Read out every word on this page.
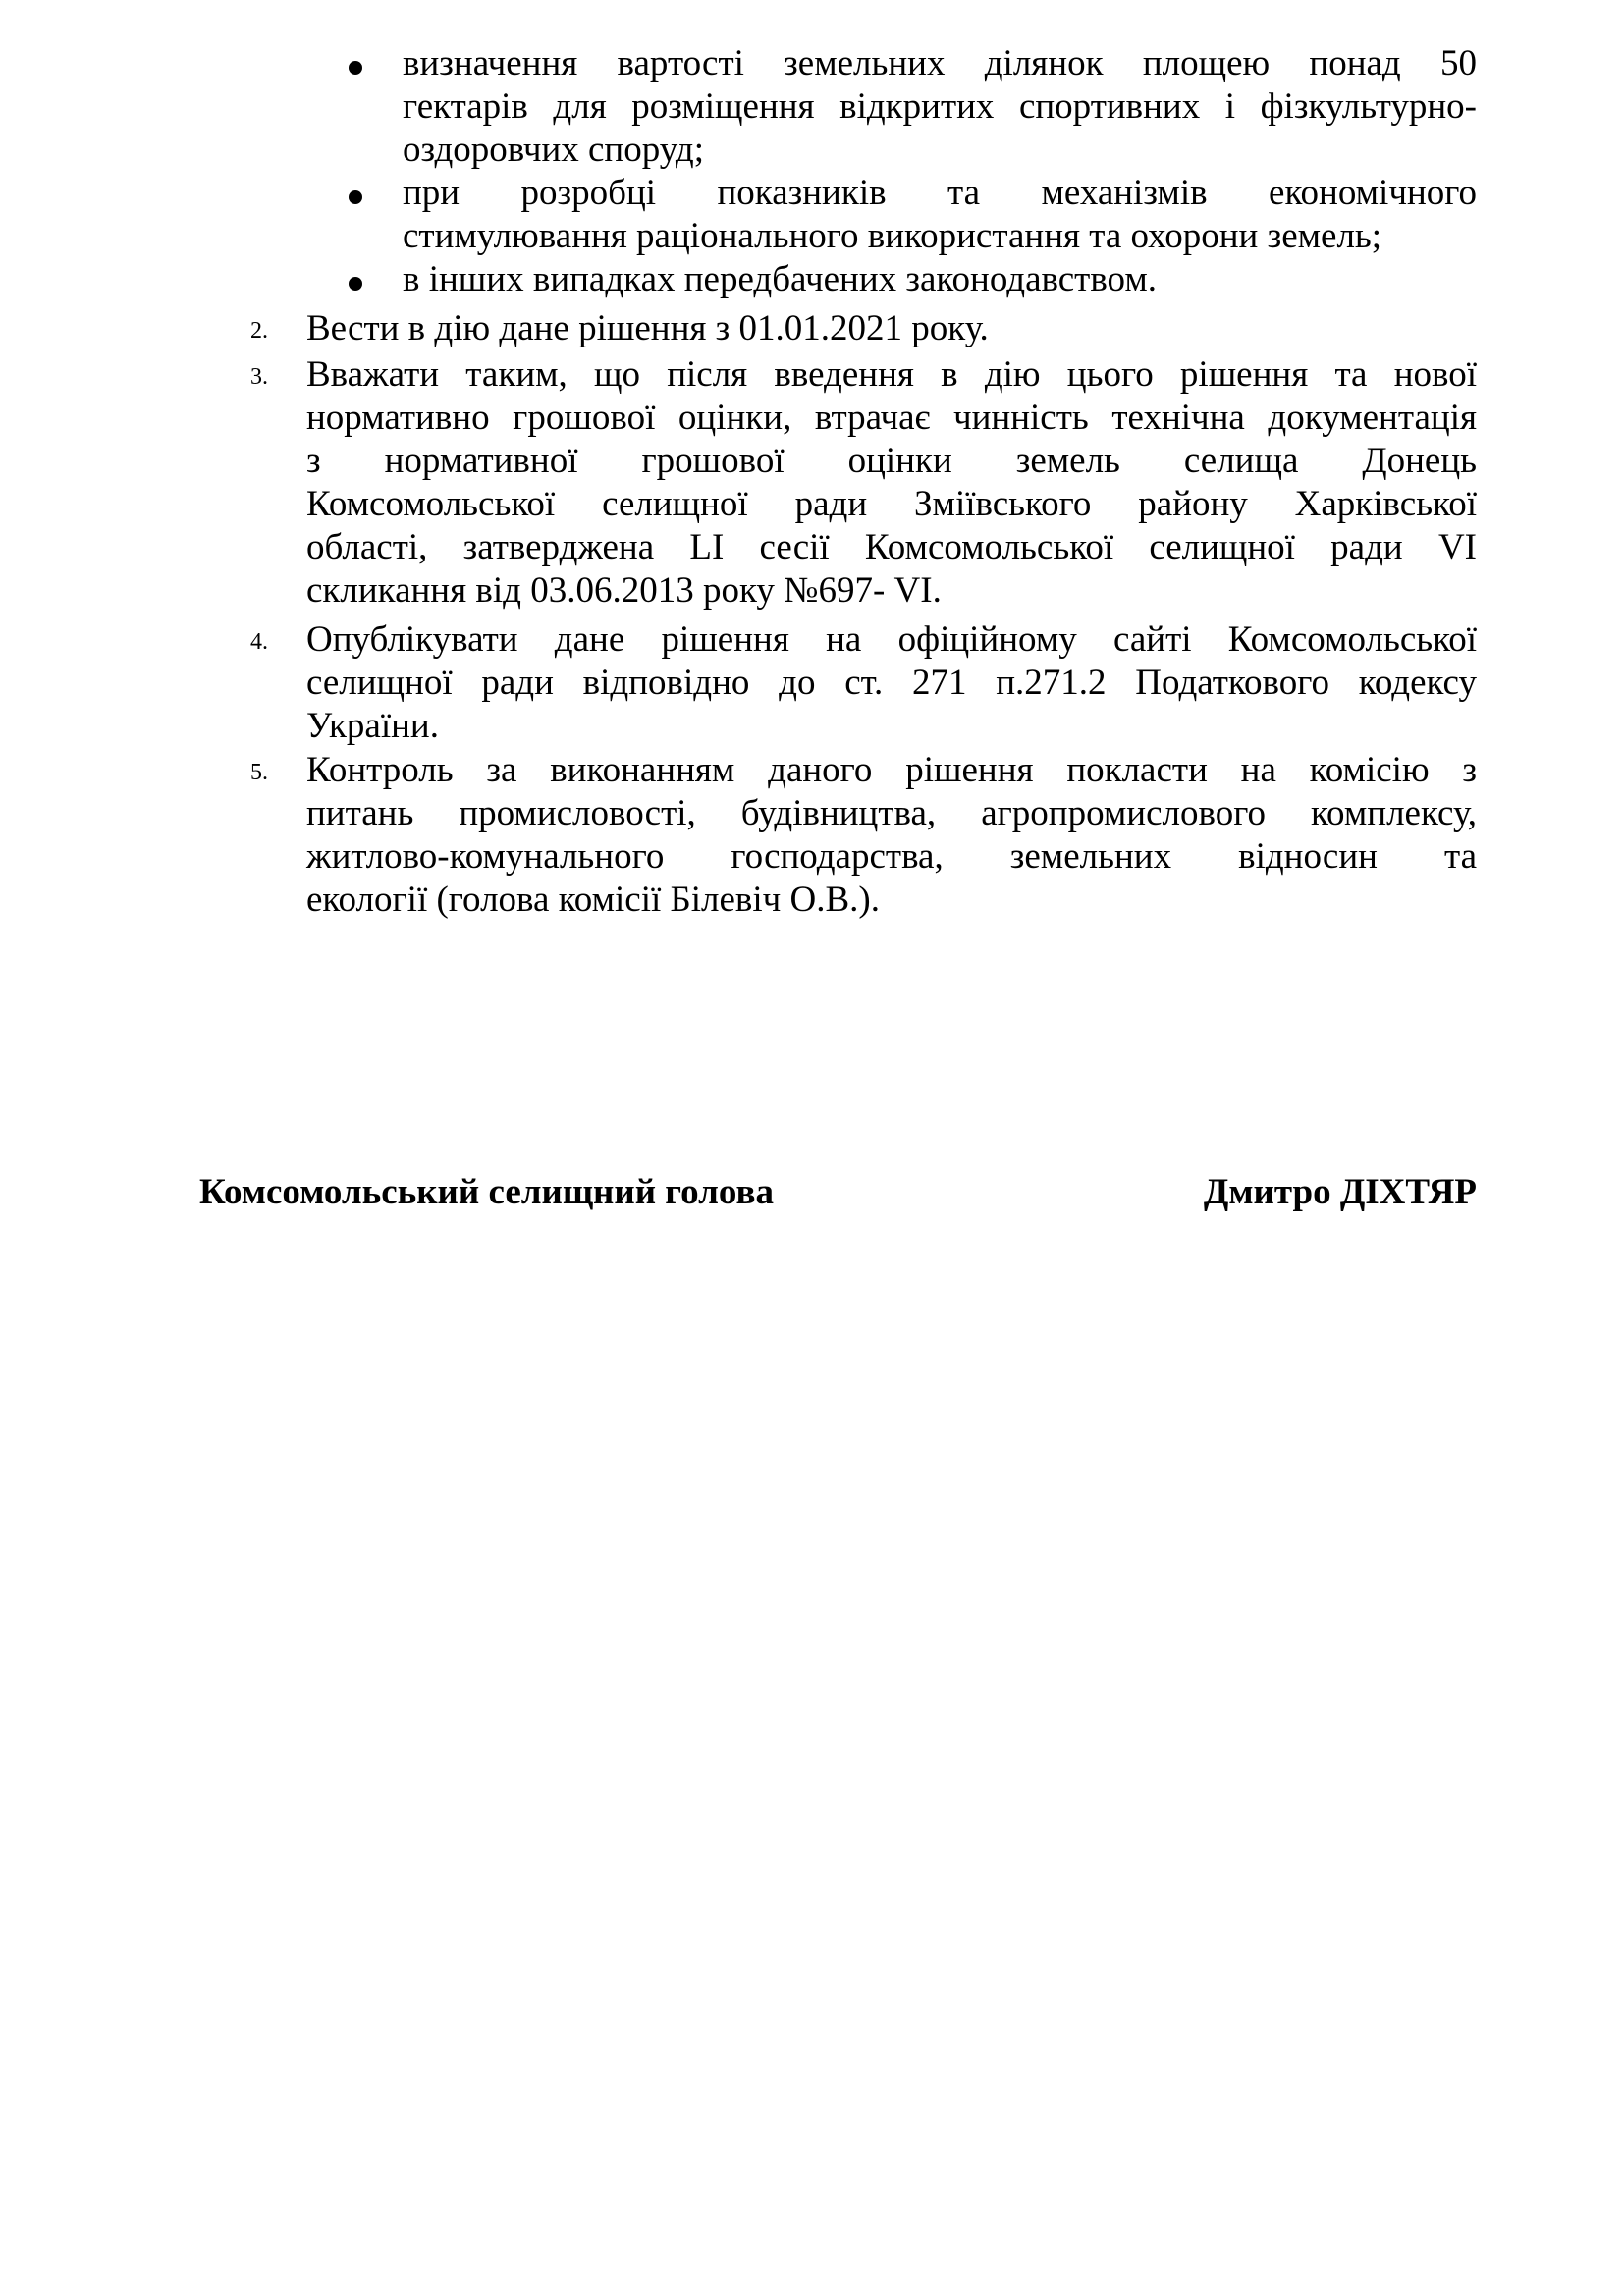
визначення вартості земельних ділянок площею понад 50
гектарів для розміщення відкритих спортивних і фізкультурно-
оздоровчих споруд;
при розробці показників та механізмів економічного
стимулювання раціонального використання та охорони земель;
в інших випадках передбачених законодавством.
2.	Вести в дію дане рішення з 01.01.2021 року.
3.	Вважати таким, що після введення в дію цього рішення та нової
нормативно грошової оцінки, втрачає чинність технічна документація
з нормативної грошової оцінки земель селища Донець
Комсомольської селищної ради Зміївського району Харківської
області, затверджена LI сесії Комсомольської селищної ради VI
скликання від 03.06.2013 року №697- VI.
4.	Опублікувати дане рішення на офіційному сайті Комсомольської
селищної ради відповідно до ст. 271 п.271.2 Податкового кодексу
України.
5.	Контроль за виконанням даного рішення покласти на комісію з
питань промисловості, будівництва, агропромислового комплексу,
житлово-комунального господарства, земельних відносин та
екології (голова комісії Білевіч О.В.).
Комсомольський селищний голова	Дмитро ДІХТЯР
